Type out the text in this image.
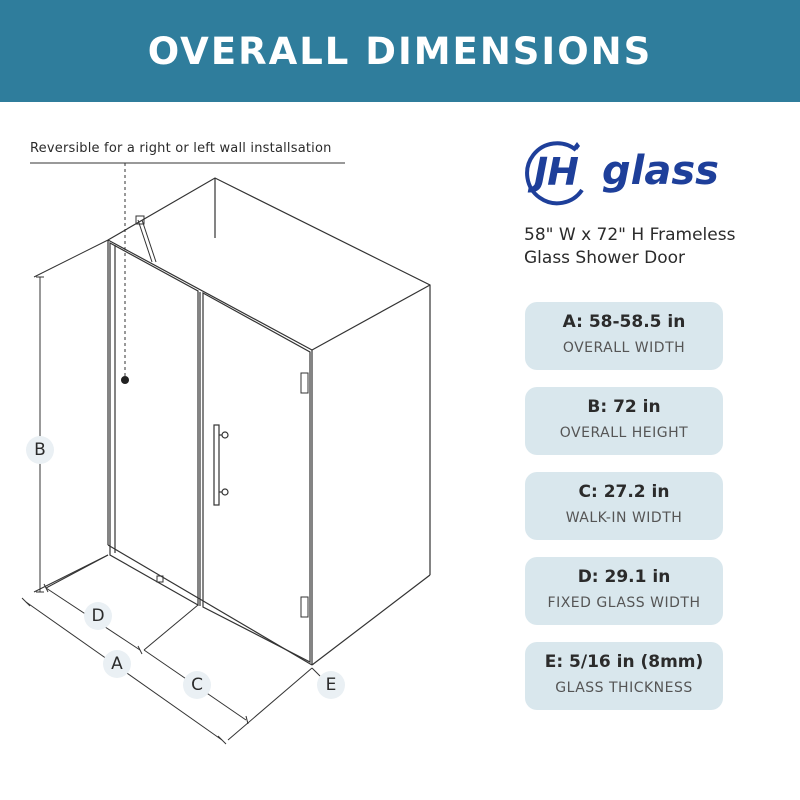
OVERALL DIMENSIONS
Reversible for a right or left wall installsation
B
D
A
C	E
JH glass
58" W x 72" H Frameless
Glass Shower Door
A: 58-58.5 in
OVERALL WIDTH
B: 72 in
OVERALL HEIGHT
C: 27.2 in
WALK-IN WIDTH
D: 29.1 in
FIXED GLASS WIDTH
E: 5/16 in (8mm)
GLASS THICKNESS
